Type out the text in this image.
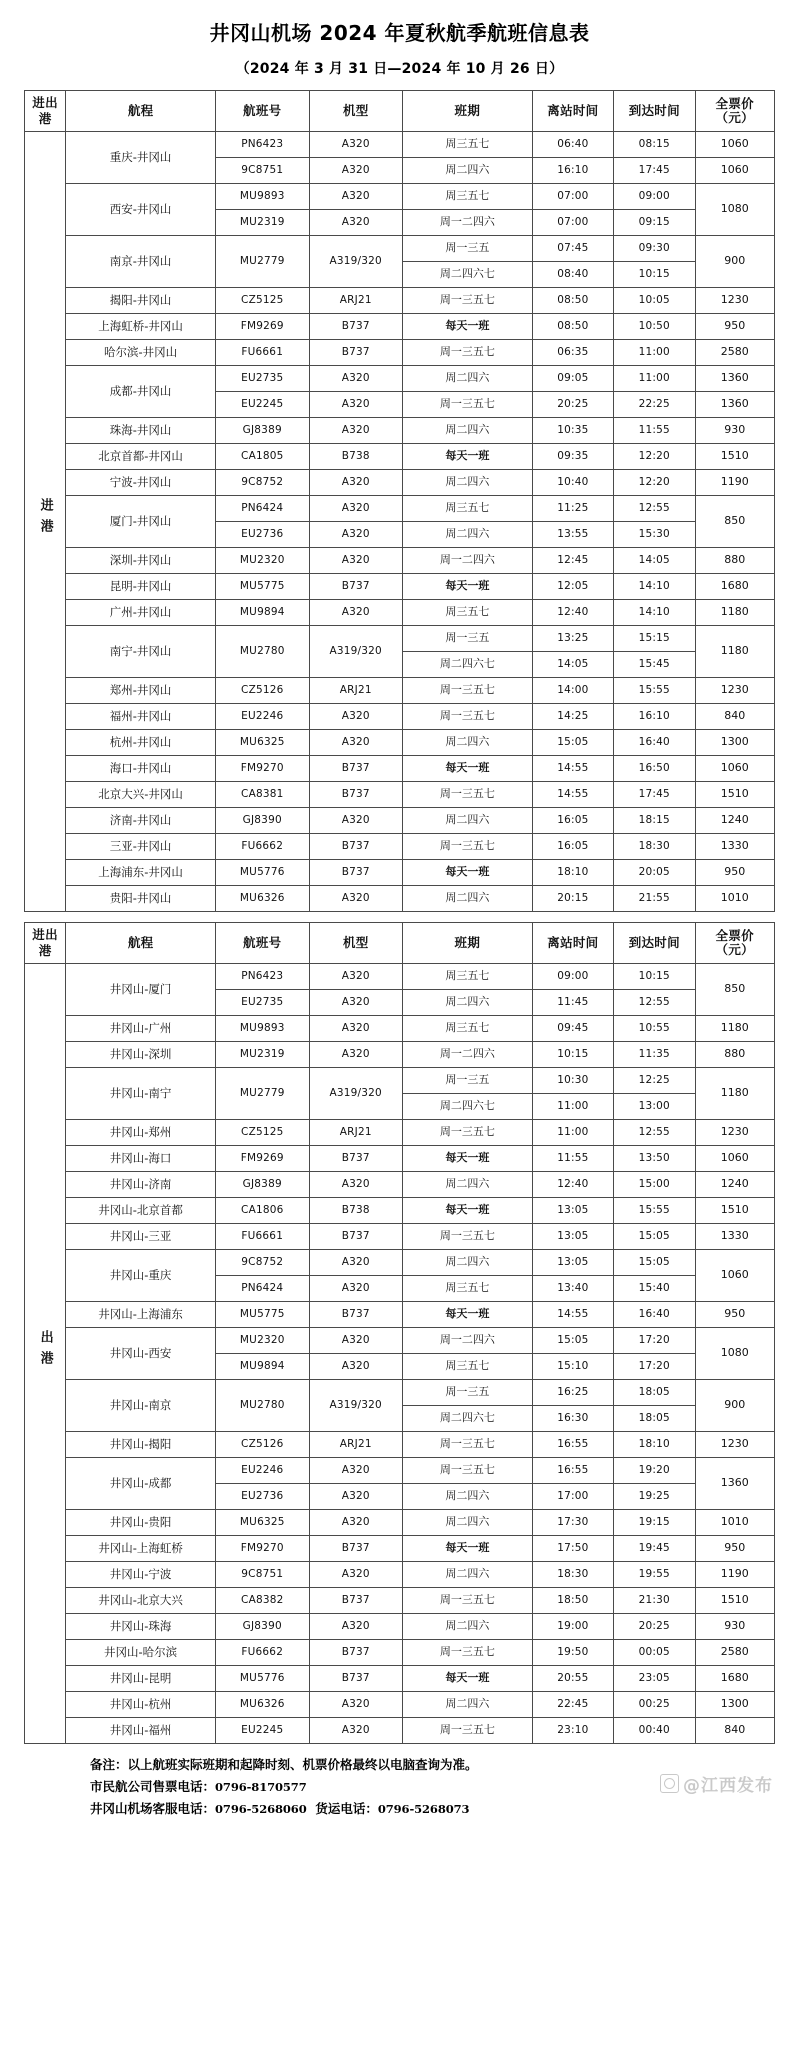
井冈山机场 2024 年夏秋航季航班信息表
（2024 年 3 月 31 日—2024 年 10 月 26 日）
进出
港	航程	航班号	机型	班期	离站时间	到达时间	全票价
（元）
进港	重庆-井冈山	PN6423	A320	周三五七	06:40	08:15	1060
		9C8751	A320	周二四六	16:10	17:45	1060
	西安-井冈山	MU9893	A320	周三五七	07:00	09:00	1080
		MU2319	A320	周一二四六	07:00	09:15	
	南京-井冈山	MU2779	A319/320	周一三五	07:45	09:30	900
				周二四六七	08:40	10:15	
	揭阳-井冈山	CZ5125	ARJ21	周一三五七	08:50	10:05	1230
	上海虹桥-井冈山	FM9269	B737	每天一班	08:50	10:50	950
	哈尔滨-井冈山	FU6661	B737	周一三五七	06:35	11:00	2580
	成都-井冈山	EU2735	A320	周二四六	09:05	11:00	1360
		EU2245	A320	周一三五七	20:25	22:25	1360
	珠海-井冈山	GJ8389	A320	周二四六	10:35	11:55	930
	北京首都-井冈山	CA1805	B738	每天一班	09:35	12:20	1510
	宁波-井冈山	9C8752	A320	周二四六	10:40	12:20	1190
	厦门-井冈山	PN6424	A320	周三五七	11:25	12:55	850
		EU2736	A320	周二四六	13:55	15:30	
	深圳-井冈山	MU2320	A320	周一二四六	12:45	14:05	880
	昆明-井冈山	MU5775	B737	每天一班	12:05	14:10	1680
	广州-井冈山	MU9894	A320	周三五七	12:40	14:10	1180
	南宁-井冈山	MU2780	A319/320	周一三五	13:25	15:15	1180
				周二四六七	14:05	15:45	
	郑州-井冈山	CZ5126	ARJ21	周一三五七	14:00	15:55	1230
	福州-井冈山	EU2246	A320	周一三五七	14:25	16:10	840
	杭州-井冈山	MU6325	A320	周二四六	15:05	16:40	1300
	海口-井冈山	FM9270	B737	每天一班	14:55	16:50	1060
	北京大兴-井冈山	CA8381	B737	周一三五七	14:55	17:45	1510
	济南-井冈山	GJ8390	A320	周二四六	16:05	18:15	1240
	三亚-井冈山	FU6662	B737	周一三五七	16:05	18:30	1330
	上海浦东-井冈山	MU5776	B737	每天一班	18:10	20:05	950
	贵阳-井冈山	MU6326	A320	周二四六	20:15	21:55	1010
进出
港	航程	航班号	机型	班期	离站时间	到达时间	全票价
（元）
出港	井冈山-厦门	PN6423	A320	周三五七	09:00	10:15	850
		EU2735	A320	周二四六	11:45	12:55	
	井冈山-广州	MU9893	A320	周三五七	09:45	10:55	1180
	井冈山-深圳	MU2319	A320	周一二四六	10:15	11:35	880
	井冈山-南宁	MU2779	A319/320	周一三五	10:30	12:25	1180
				周二四六七	11:00	13:00	
	井冈山-郑州	CZ5125	ARJ21	周一三五七	11:00	12:55	1230
	井冈山-海口	FM9269	B737	每天一班	11:55	13:50	1060
	井冈山-济南	GJ8389	A320	周二四六	12:40	15:00	1240
	井冈山-北京首都	CA1806	B738	每天一班	13:05	15:55	1510
	井冈山-三亚	FU6661	B737	周一三五七	13:05	15:05	1330
	井冈山-重庆	9C8752	A320	周二四六	13:05	15:05	1060
		PN6424	A320	周三五七	13:40	15:40	
	井冈山-上海浦东	MU5775	B737	每天一班	14:55	16:40	950
	井冈山-西安	MU2320	A320	周一二四六	15:05	17:20	1080
		MU9894	A320	周三五七	15:10	17:20	
	井冈山-南京	MU2780	A319/320	周一三五	16:25	18:05	900
				周二四六七	16:30	18:05	
	井冈山-揭阳	CZ5126	ARJ21	周一三五七	16:55	18:10	1230
	井冈山-成都	EU2246	A320	周一三五七	16:55	19:20	1360
		EU2736	A320	周二四六	17:00	19:25	
	井冈山-贵阳	MU6325	A320	周二四六	17:30	19:15	1010
	井冈山-上海虹桥	FM9270	B737	每天一班	17:50	19:45	950
	井冈山-宁波	9C8751	A320	周二四六	18:30	19:55	1190
	井冈山-北京大兴	CA8382	B737	周一三五七	18:50	21:30	1510
	井冈山-珠海	GJ8390	A320	周二四六	19:00	20:25	930
	井冈山-哈尔滨	FU6662	B737	周一三五七	19:50	00:05	2580
	井冈山-昆明	MU5776	B737	每天一班	20:55	23:05	1680
	井冈山-杭州	MU6326	A320	周二四六	22:45	00:25	1300
	井冈山-福州	EU2245	A320	周一三五七	23:10	00:40	840
备注：以上航班实际班期和起降时刻、机票价格最终以电脑查询为准。
市民航公司售票电话：0796-8170577
井冈山机场客服电话：0796-5268060 货运电话：0796-5268073
@江西发布
